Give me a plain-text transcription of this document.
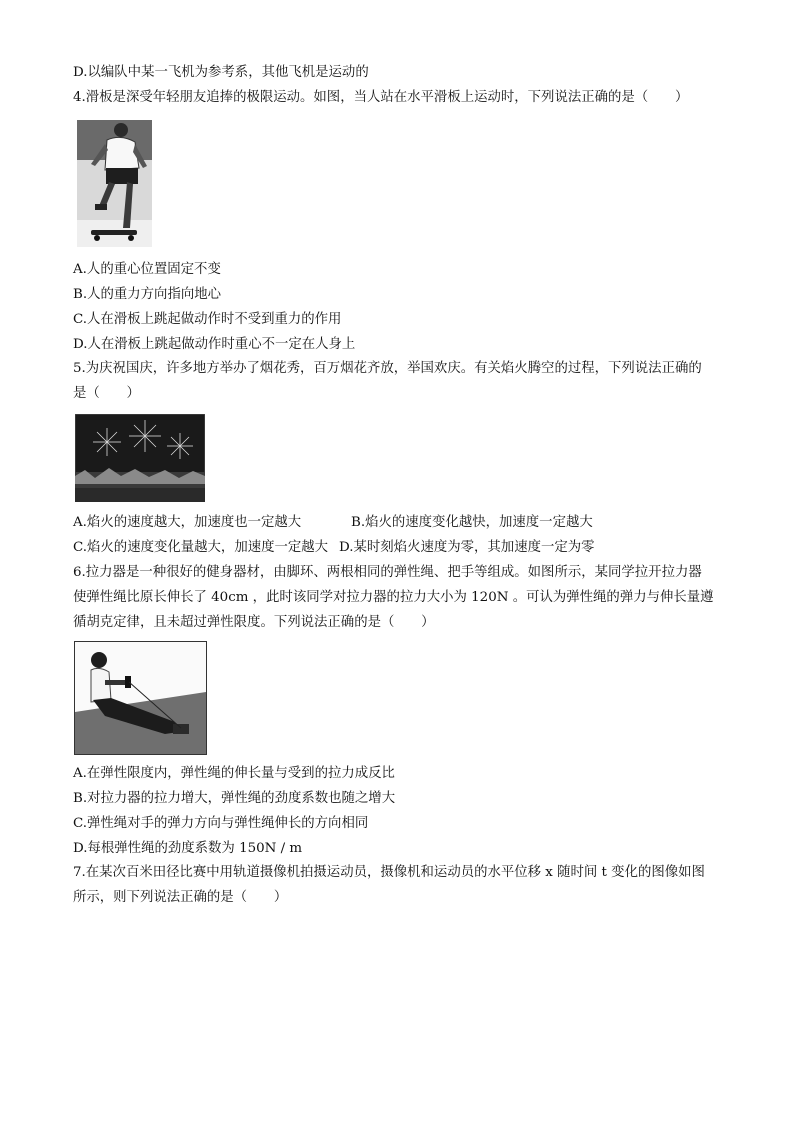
D.以编队中某一飞机为参考系，其他飞机是运动的
4.滑板是深受年轻朋友追捧的极限运动。如图，当人站在水平滑板上运动时，下列说法正确的是（　　）
A.人的重心位置固定不变
B.人的重力方向指向地心
C.人在滑板上跳起做动作时不受到重力的作用
D.人在滑板上跳起做动作时重心不一定在人身上
5.为庆祝国庆，许多地方举办了烟花秀，百万烟花齐放，举国欢庆。有关焰火腾空的过程，下列说法正确的
是（　　）
A.焰火的速度越大，加速度也一定越大	B.焰火的速度变化越快，加速度一定越大
C.焰火的速度变化量越大，加速度一定越大 D.某时刻焰火速度为零，其加速度一定为零
6.拉力器是一种很好的健身器材，由脚环、两根相同的弹性绳、把手等组成。如图所示，某同学拉开拉力器
使弹性绳比原长伸长了 40cm ，此时该同学对拉力器的拉力大小为 120N 。可认为弹性绳的弹力与伸长量遵
循胡克定律，且未超过弹性限度。下列说法正确的是（　　）
A.在弹性限度内，弹性绳的伸长量与受到的拉力成反比
B.对拉力器的拉力增大，弹性绳的劲度系数也随之增大
C.弹性绳对手的弹力方向与弹性绳伸长的方向相同
D.每根弹性绳的劲度系数为 150N / m
7.在某次百米田径比赛中用轨道摄像机拍摄运动员，摄像机和运动员的水平位移 x 随时间 t 变化的图像如图
所示，则下列说法正确的是（　　）
